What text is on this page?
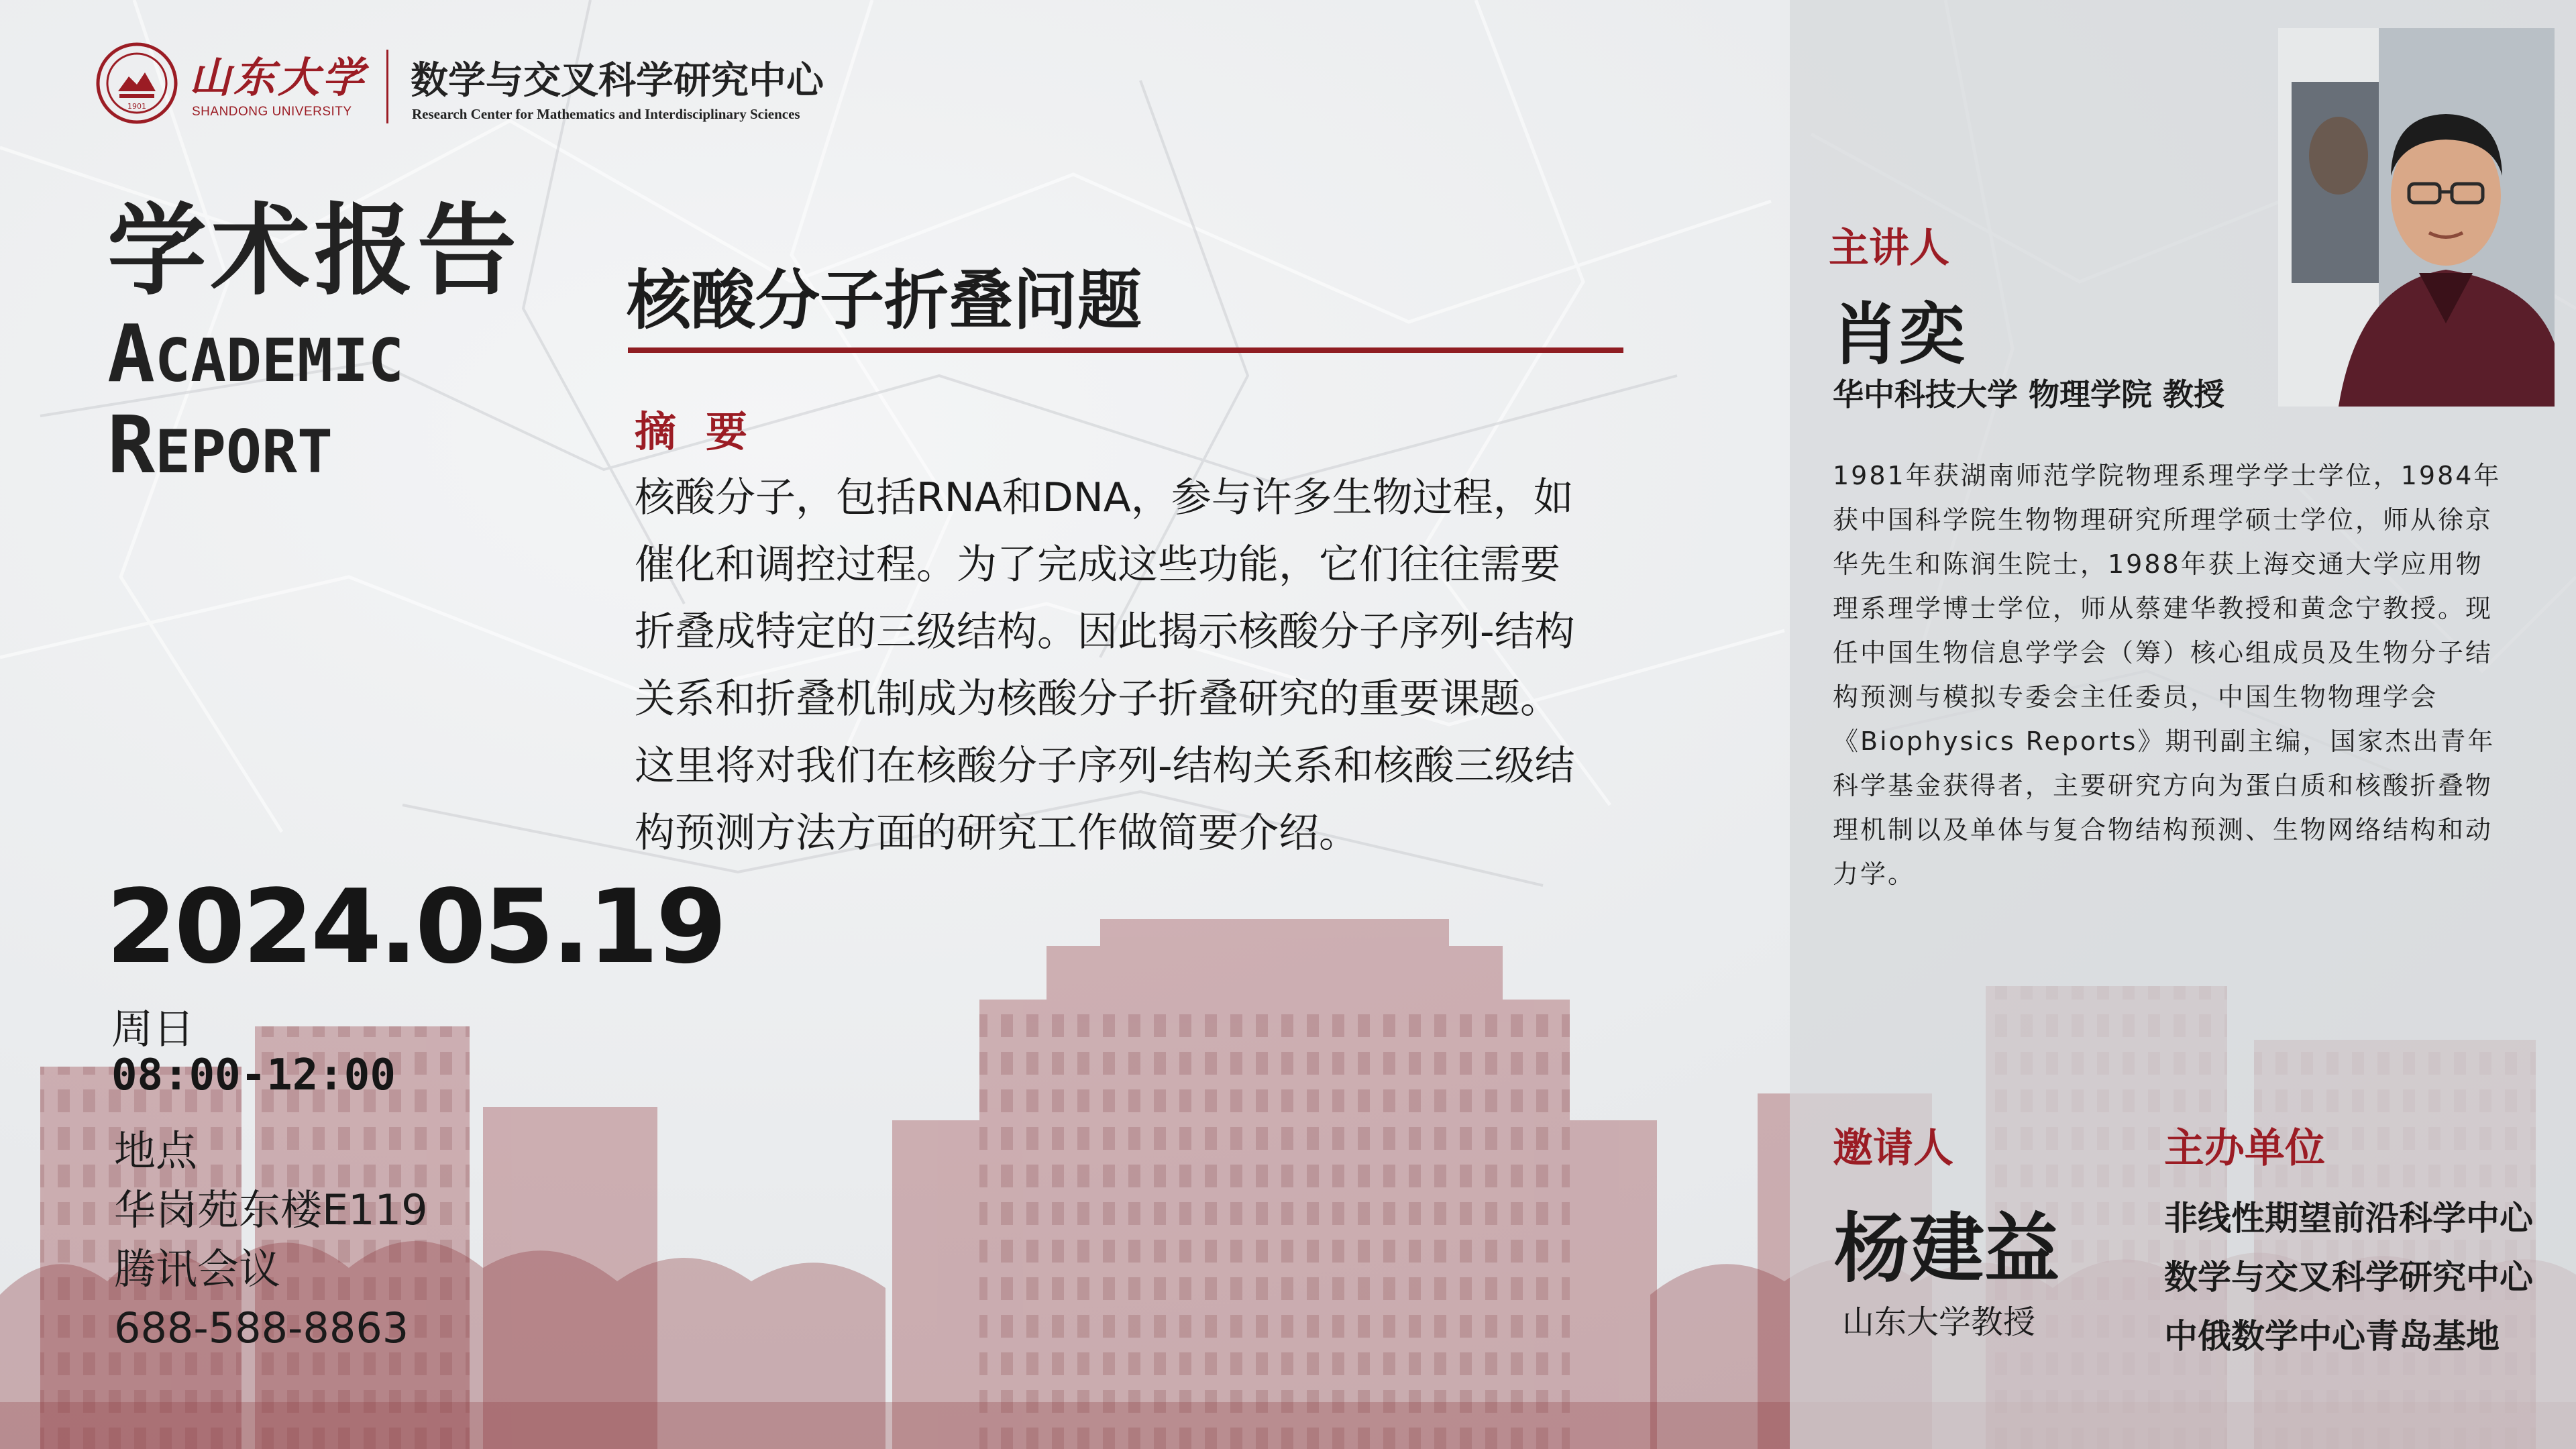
1901
山东大学
SHANDONG UNIVERSITY
数学与交叉科学研究中心
Research Center for Mathematics and Interdisciplinary Sciences
学术报告
ACADEMIC
REPORT
核酸分子折叠问题
摘要

核酸分子，包括RNA和DNA，参与许多生物过程，如催化和调控过程。为了完成这些功能，它们往往需要折叠成特定的三级结构。因此揭示核酸分子序列-结构关系和折叠机制成为核酸分子折叠研究的重要课题。这里将对我们在核酸分子序列-结构关系和核酸三级结构预测方法方面的研究工作做简要介绍。

2024.05.19
周日
08:00-12:00
地点
华岗苑东楼E119
腾讯会议
688-588-8863
主讲人
肖奕
华中科技大学 物理学院 教授

1981年获湖南师范学院物理系理学学士学位，1984年获中国科学院生物物理研究所理学硕士学位，师从徐京华先生和陈润生院士，1988年获上海交通大学应用物理系理学博士学位，师从蔡建华教授和黄念宁教授。现任中国生物信息学学会（筹）核心组成员及生物分子结构预测与模拟专委会主任委员，中国生物物理学会《Biophysics Reports》期刊副主编，国家杰出青年科学基金获得者，主要研究方向为蛋白质和核酸折叠物理机制以及单体与复合物结构预测、生物网络结构和动力学。

邀请人
杨建益
山东大学教授
主办单位
非线性期望前沿科学中心
数学与交叉科学研究中心
中俄数学中心青岛基地
